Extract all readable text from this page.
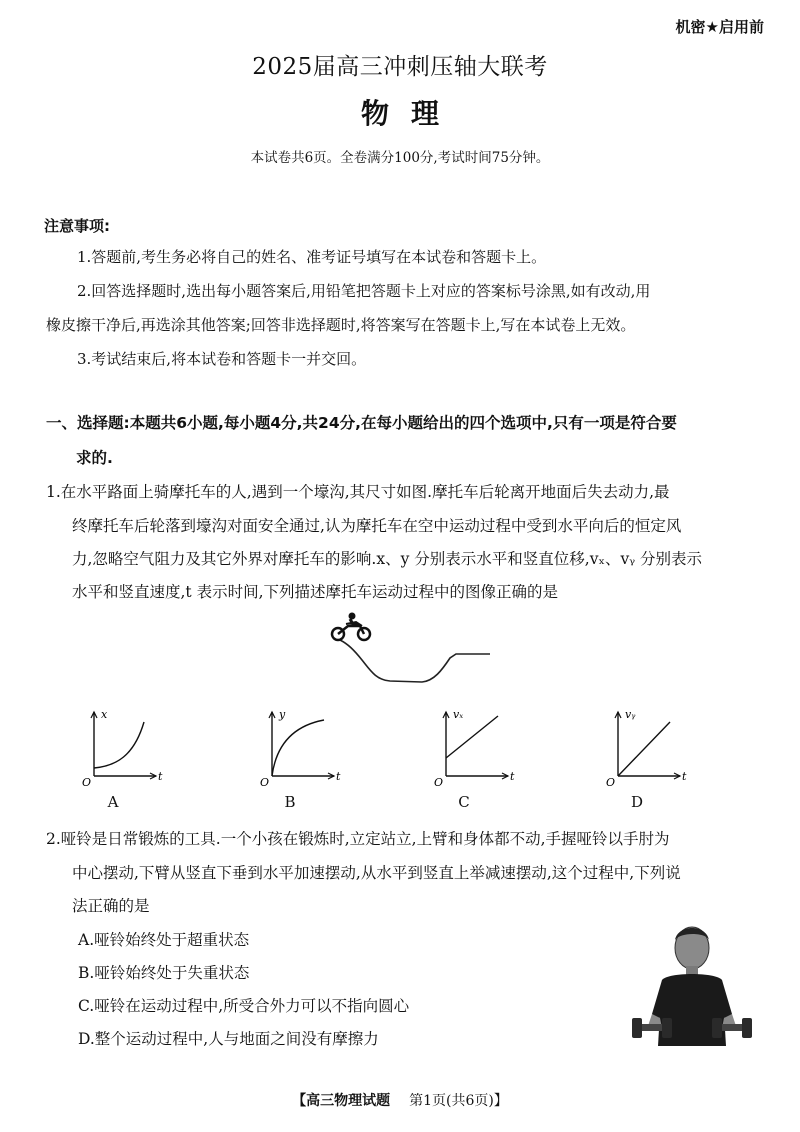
机密★启用前
2025届高三冲刺压轴大联考
物理
本试卷共6页。全卷满分100分,考试时间75分钟。
注意事项:
1.答题前,考生务必将自己的姓名、准考证号填写在本试卷和答题卡上。
2.回答选择题时,选出每小题答案后,用铅笔把答题卡上对应的答案标号涂黑,如有改动,用
橡皮擦干净后,再选涂其他答案;回答非选择题时,将答案写在答题卡上,写在本试卷上无效。
3.考试结束后,将本试卷和答题卡一并交回。
一、选择题:本题共6小题,每小题4分,共24分,在每小题给出的四个选项中,只有一项是符合要
求的.
1.在水平路面上骑摩托车的人,遇到一个壕沟,其尺寸如图.摩托车后轮离开地面后失去动力,最
终摩托车后轮落到壕沟对面安全通过,认为摩托车在空中运动过程中受到水平向后的恒定风
力,忽略空气阻力及其它外界对摩托车的影响.x、y 分别表示水平和竖直位移,vₓ、vᵧ 分别表示
水平和竖直速度,t 表示时间,下列描述摩托车运动过程中的图像正确的是
x
t
O
y
t
O
vₓ
t
O
vᵧ
t
O
A	B	C	D
2.哑铃是日常锻炼的工具.一个小孩在锻炼时,立定站立,上臂和身体都不动,手握哑铃以手肘为
中心摆动,下臂从竖直下垂到水平加速摆动,从水平到竖直上举减速摆动,这个过程中,下列说
法正确的是
A.哑铃始终处于超重状态
B.哑铃始终处于失重状态
C.哑铃在运动过程中,所受合外力可以不指向圆心
D.整个运动过程中,人与地面之间没有摩擦力
【高三物理试题 第1页(共6页)】
